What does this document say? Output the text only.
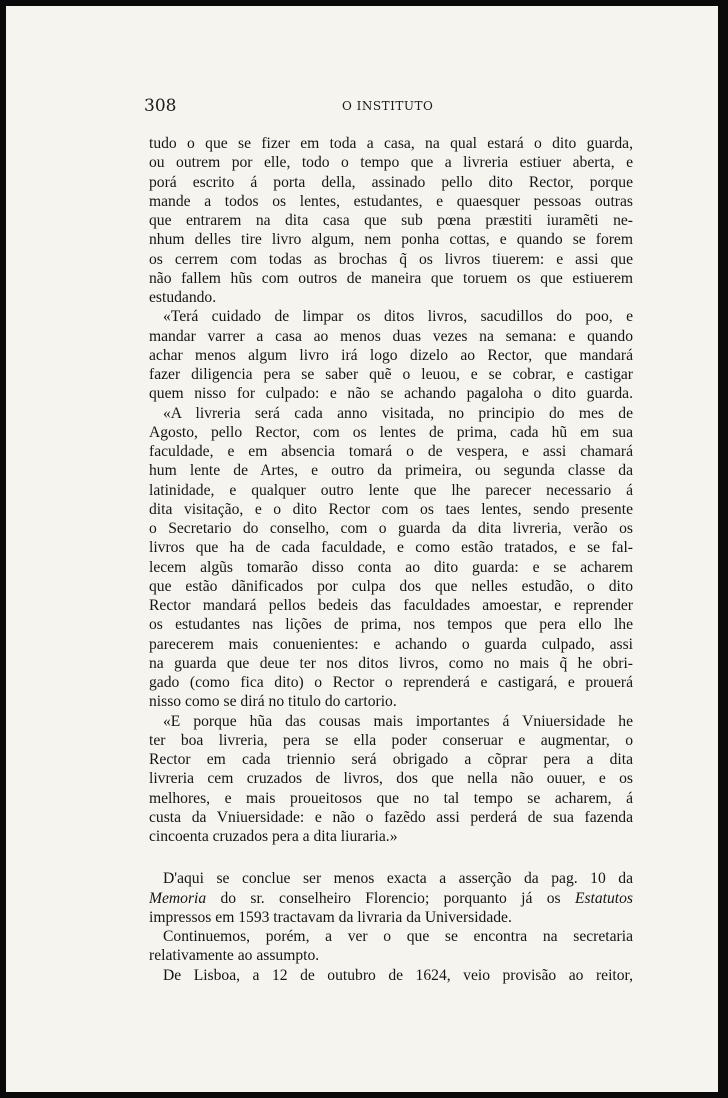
308	O INSTITUTO
tudo o que se fizer em toda a casa, na qual estará o dito guarda,
ou outrem por elle, todo o tempo que a livreria estiuer aberta, e
porá escrito á porta della, assinado pello dito Rector, porque
mande a todos os lentes, estudantes, e quaesquer pessoas outras
que entrarem na dita casa que sub pœna præstiti iuramẽti ne-
nhum delles tire livro algum, nem ponha cottas, e quando se forem
os cerrem com todas as brochas q̃ os livros tiuerem: e assi que
não fallem hũs com outros de maneira que toruem os que estiuerem
estudando.
«Terá cuidado de limpar os ditos livros, sacudillos do poo, e
mandar varrer a casa ao menos duas vezes na semana: e quando
achar menos algum livro irá logo dizelo ao Rector, que mandará
fazer diligencia pera se saber quẽ o leuou, e se cobrar, e castigar
quem nisso for culpado: e não se achando pagaloha o dito guarda.
«A livreria será cada anno visitada, no principio do mes de
Agosto, pello Rector, com os lentes de prima, cada hũ em sua
faculdade, e em absencia tomará o de vespera, e assi chamará
hum lente de Artes, e outro da primeira, ou segunda classe da
latinidade, e qualquer outro lente que lhe parecer necessario á
dita visitação, e o dito Rector com os taes lentes, sendo presente
o Secretario do conselho, com o guarda da dita livreria, verão os
livros que ha de cada faculdade, e como estão tratados, e se fal-
lecem algũs tomarão disso conta ao dito guarda: e se acharem
que estão dãnificados por culpa dos que nelles estudão, o dito
Rector mandará pellos bedeis das faculdades amoestar, e reprender
os estudantes nas lições de prima, nos tempos que pera ello lhe
parecerem mais conuenientes: e achando o guarda culpado, assi
na guarda que deue ter nos ditos livros, como no mais q̃ he obri-
gado (como fica dito) o Rector o reprenderá e castigará, e prouerá
nisso como se dirá no titulo do cartorio.
«E porque hũa das cousas mais importantes á Vniuersidade he
ter boa livreria, pera se ella poder conseruar e augmentar, o
Rector em cada triennio será obrigado a cõprar pera a dita
livreria cem cruzados de livros, dos que nella não ouuer, e os
melhores, e mais proueitosos que no tal tempo se acharem, á
custa da Vniuersidade: e não o fazẽdo assi perderá de sua fazenda
cincoenta cruzados pera a dita liuraria.»
D'aqui se conclue ser menos exacta a asserção da pag. 10 da
Memoria do sr. conselheiro Florencio; porquanto já os Estatutos
impressos em 1593 tractavam da livraria da Universidade.
Continuemos, porém, a ver o que se encontra na secretaria
relativamente ao assumpto.
De Lisboa, a 12 de outubro de 1624, veio provisão ao reitor,
